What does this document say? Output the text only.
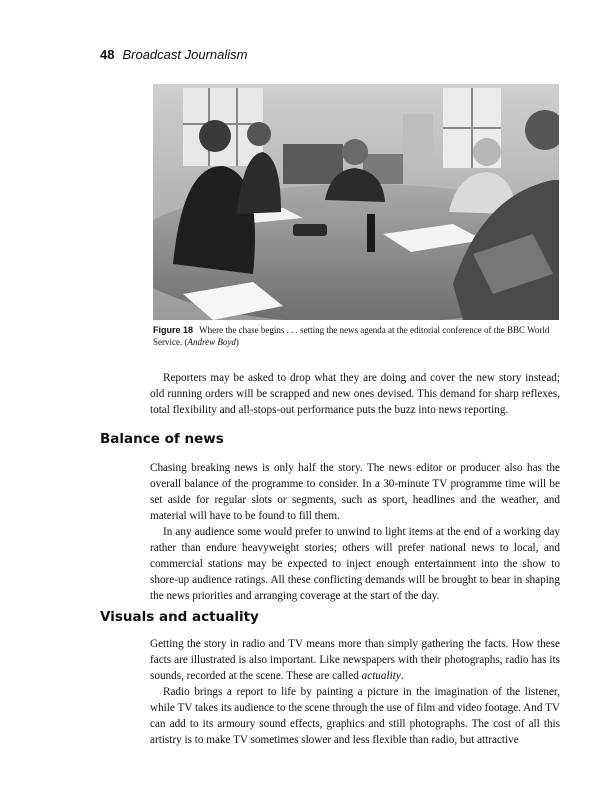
48 Broadcast Journalism
Figure 18 Where the chase begins . . . setting the news agenda at the editorial conference of the BBC World Service. (Andrew Boyd)

Reporters may be asked to drop what they are doing and cover the new story instead; old running orders will be scrapped and new ones devised. This demand for sharp reflexes, total flexibility and all-stops-out performance puts the buzz into news reporting.

Balance of news

Chasing breaking news is only half the story. The news editor or producer also has the overall balance of the programme to consider. In a 30-minute TV programme time will be set aside for regular slots or segments, such as sport, headlines and the weather, and material will have to be found to fill them.

In any audience some would prefer to unwind to light items at the end of a working day rather than endure heavyweight stories; others will prefer national news to local, and commercial stations may be expected to inject enough entertainment into the show to shore-up audience ratings. All these conflicting demands will be brought to bear in shaping the news priorities and arranging coverage at the start of the day.

Visuals and actuality

Getting the story in radio and TV means more than simply gathering the facts. How these facts are illustrated is also important. Like newspapers with their photographs, radio has its sounds, recorded at the scene. These are called actuality.

Radio brings a report to life by painting a picture in the imagination of the listener, while TV takes its audience to the scene through the use of film and video footage. And TV can add to its armoury sound effects, graphics and still photographs. The cost of all this artistry is to make TV sometimes slower and less flexible than radio, but attractive
